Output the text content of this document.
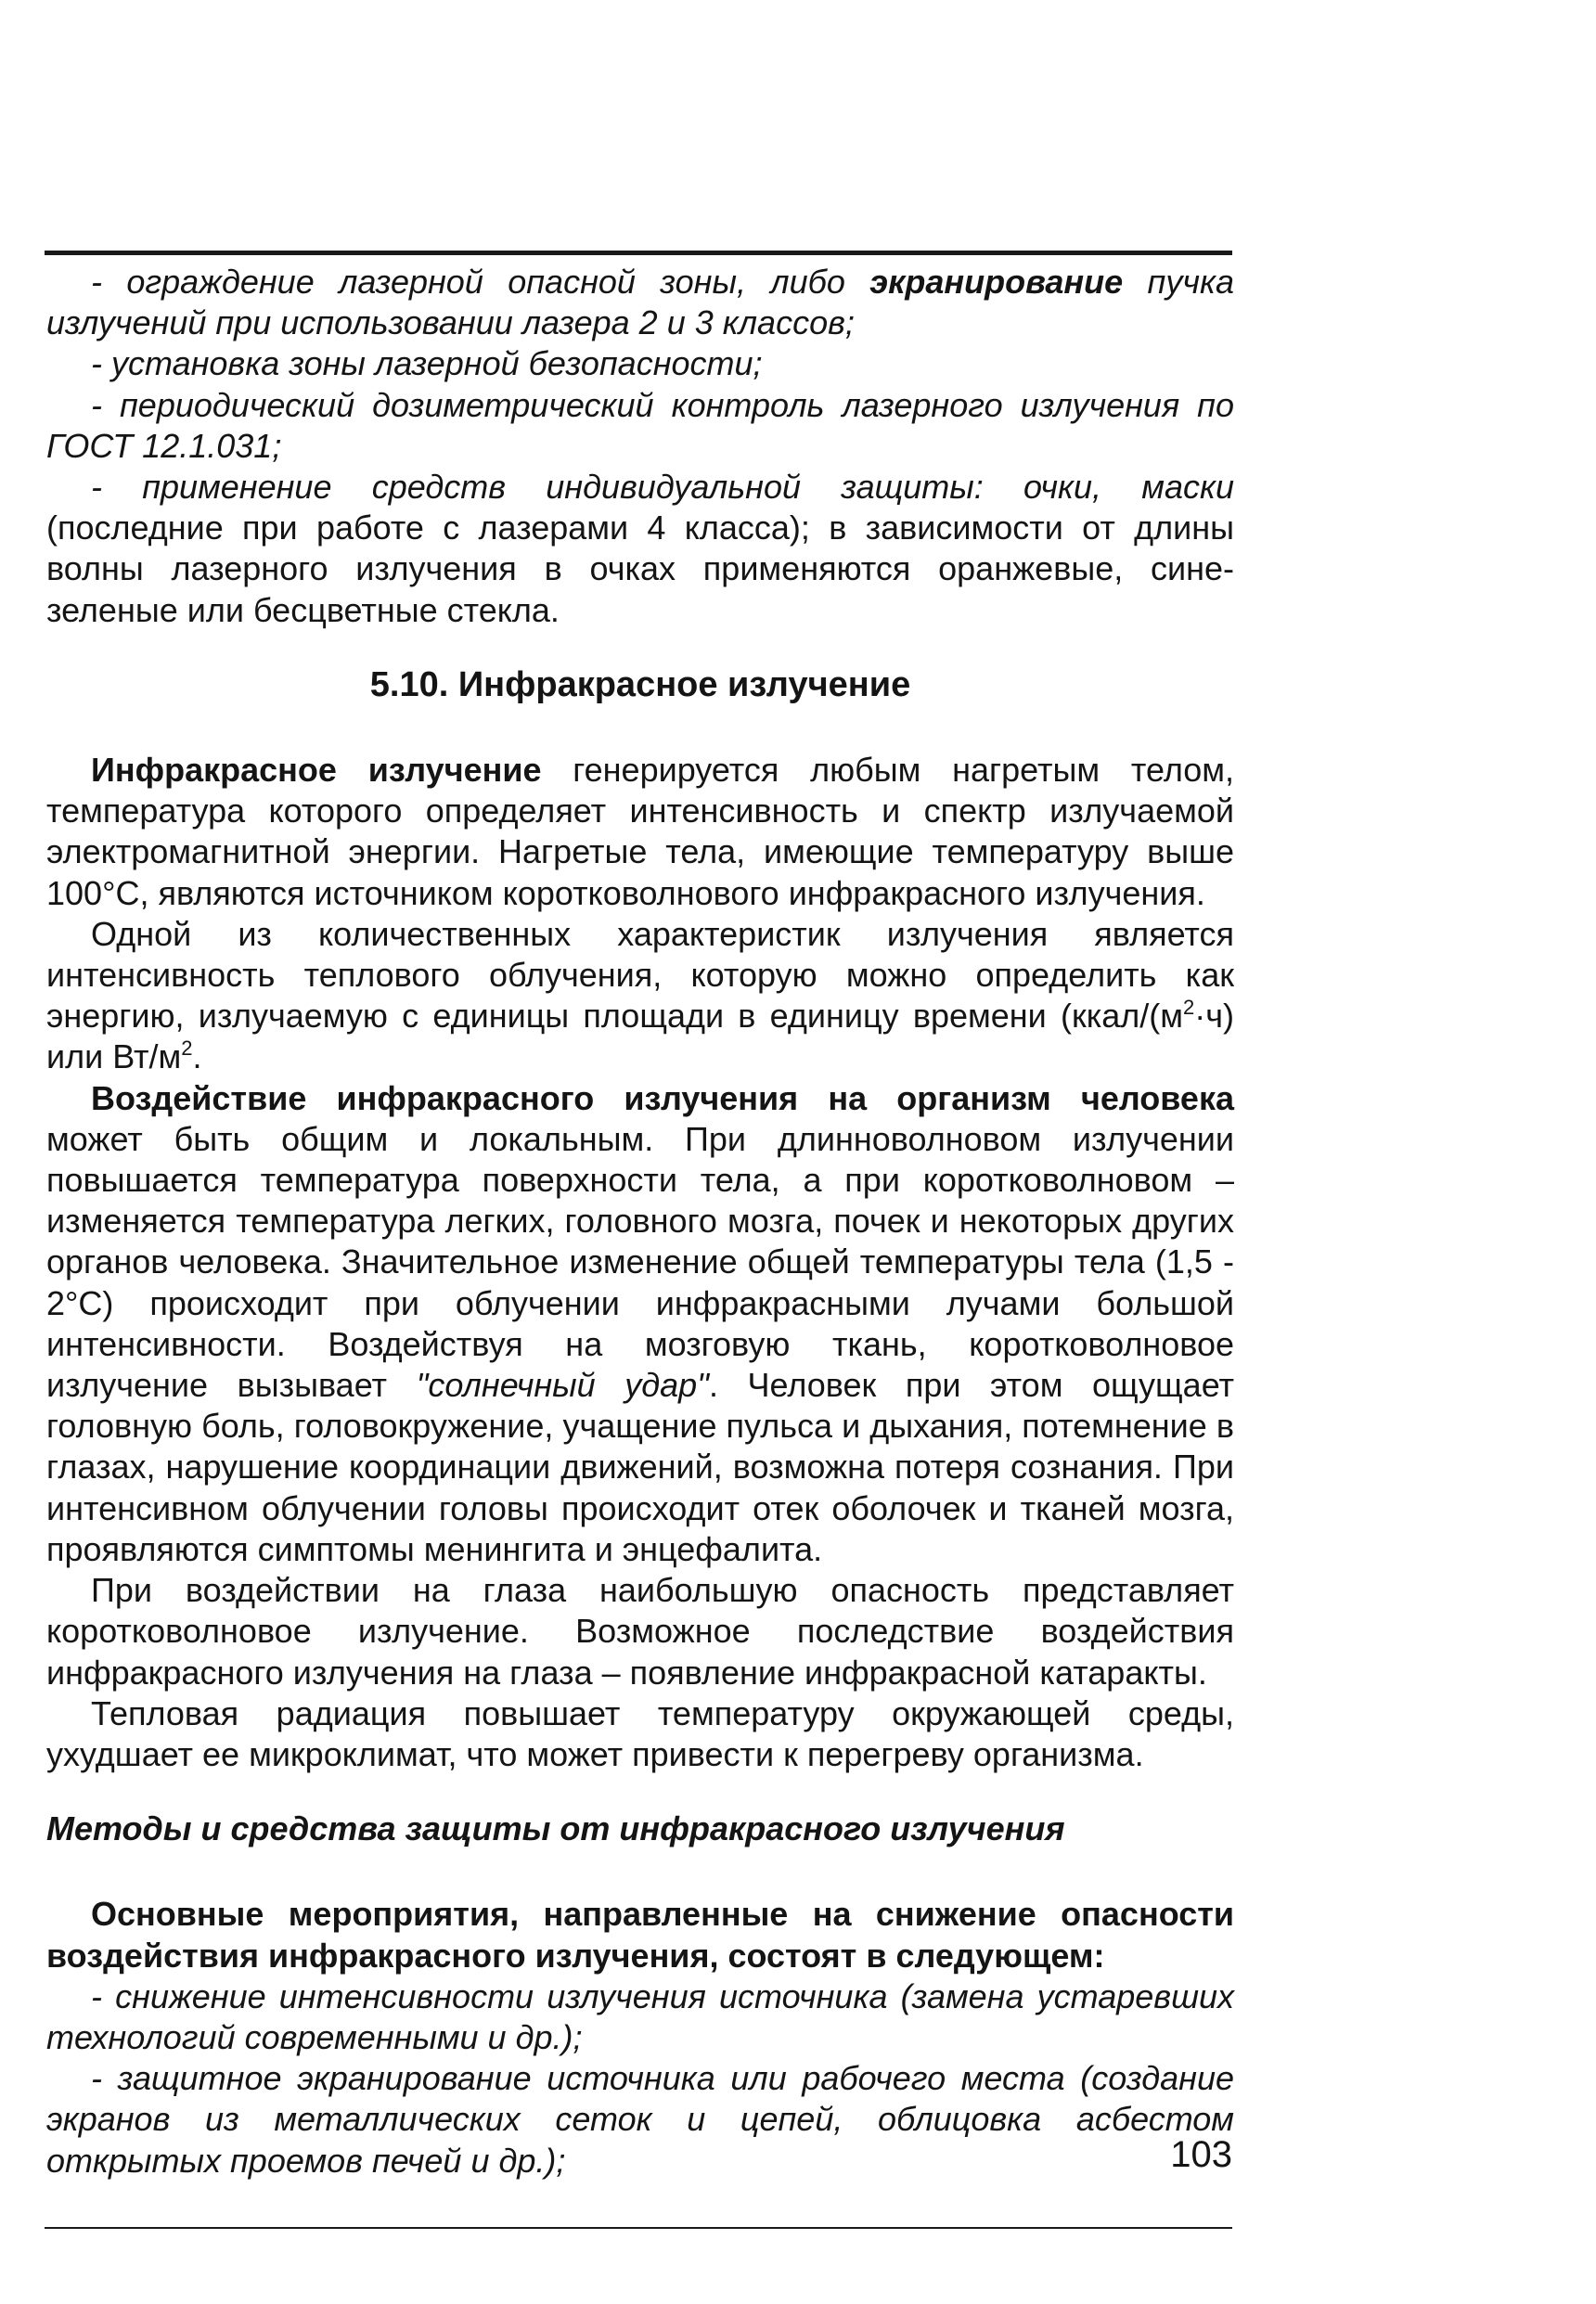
- ограждение лазерной опасной зоны, либо экранирование пучка излучений при использовании лазера 2 и 3 классов;

- установка зоны лазерной безопасности;

- периодический дозиметрический контроль лазерного излучения по ГОСТ 12.1.031;

- применение средств индивидуальной защиты: очки, маски (последние при работе с лазерами 4 класса); в зависимости от длины волны лазерного излучения в очках применяются оранжевые, сине-зеленые или бесцветные стекла.

5.10. Инфракрасное излучение

Инфракрасное излучение генерируется любым нагретым телом, температура которого определяет интенсивность и спектр излучаемой электромагнитной энергии. Нагретые тела, имеющие температуру выше 100°С, являются источником коротковолнового инфракрасного излучения.

Одной из количественных характеристик излучения является интенсивность теплового облучения, которую можно определить как энергию, излучаемую с единицы площади в единицу времени ($ккал/(м^2\cdot ч)$ или $Вт/м^2$.

Воздействие инфракрасного излучения на организм человека может быть общим и локальным. При длинноволновом излучении повышается температура поверхности тела, а при коротковолновом – изменяется температура легких, головного мозга, почек и некоторых других органов человека. Значительное изменение общей температуры тела (1,5 - 2°С) происходит при облучении инфракрасными лучами большой интенсивности. Воздействуя на мозговую ткань, коротковолновое излучение вызывает "солнечный удар". Человек при этом ощущает головную боль, головокружение, учащение пульса и дыхания, потемнение в глазах, нарушение координации движений, возможна потеря сознания. При интенсивном облучении головы происходит отек оболочек и тканей мозга, проявляются симптомы менингита и энцефалита.

При воздействии на глаза наибольшую опасность представляет коротковолновое излучение. Возможное последствие воздействия инфракрасного излучения на глаза – появление инфракрасной катаракты.

Тепловая радиация повышает температуру окружающей среды, ухудшает ее микроклимат, что может привести к перегреву организма.

Методы и средства защиты от инфракрасного излучения

Основные мероприятия, направленные на снижение опасности воздействия инфракрасного излучения, состоят в следующем:

- снижение интенсивности излучения источника (замена устаревших технологий современными и др.);

- защитное экранирование источника или рабочего места (создание экранов из металлических сеток и цепей, облицовка асбестом открытых проемов печей и др.);	103
